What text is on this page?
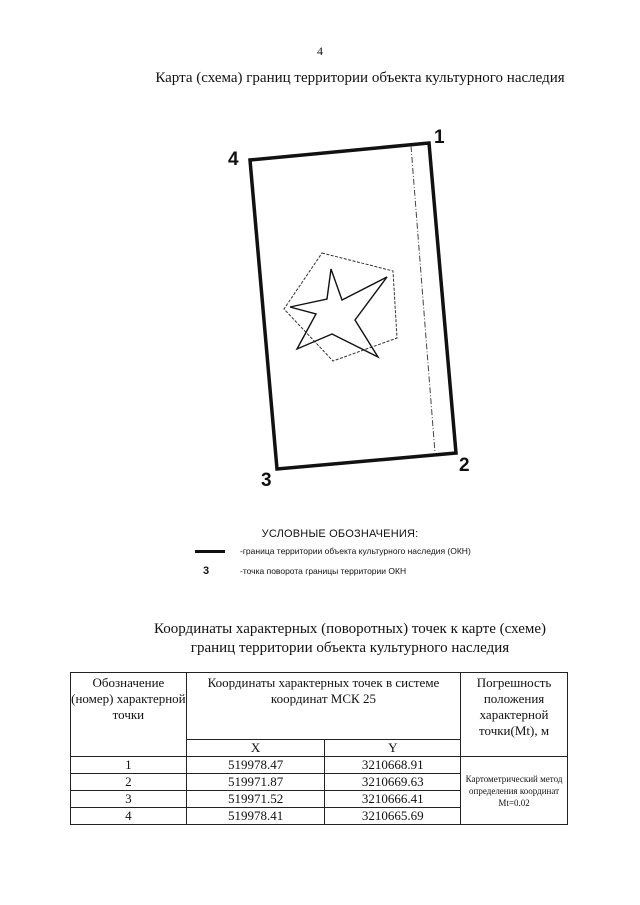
4
Карта (схема) границ территории объекта культурного наследия
1
2
3
4
УСЛОВНЫЕ ОБОЗНАЧЕНИЯ:
-граница территории объекта культурного наследия (ОКН)
3	-точка поворота границы территории ОКН
Координаты характерных (поворотных) точек к карте (схеме)
границ территории объекта культурного наследия
Обозначение (номер) характерной точки	Координаты характерных точек в системе координат МСК 25		Погрешность положения характерной точки(Mt), м
	X	Y	
1	519978.47	3210668.91	Картометрический метод определения координат Mt=0.02
2	519971.87	3210669.63	
3	519971.52	3210666.41	
4	519978.41	3210665.69	
